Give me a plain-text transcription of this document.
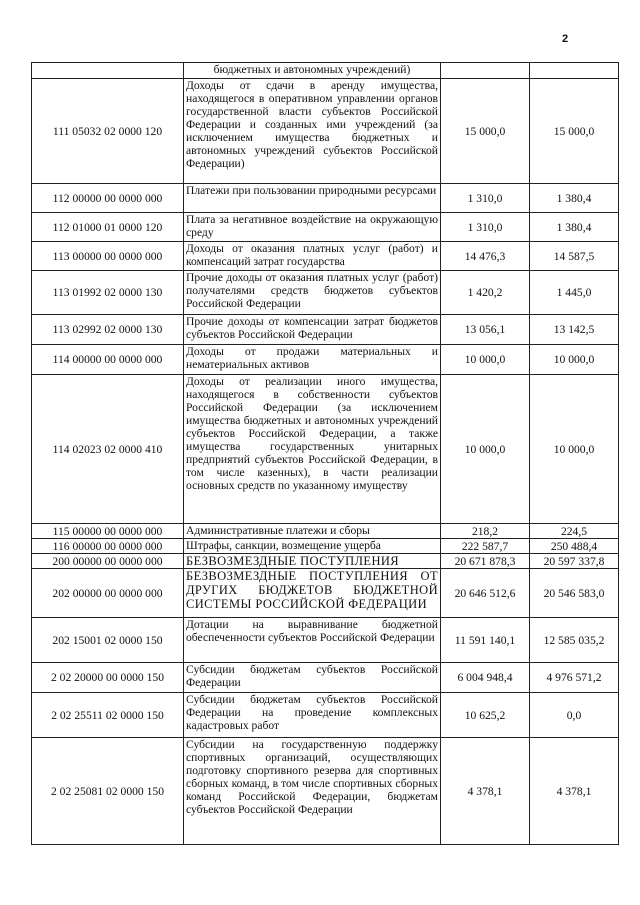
2
	бюджетных и автономных учреждений)		
111 05032 02 0000 120	Доходы от сдачи в аренду имущества, находящегося в оперативном управлении органов государственной власти субъектов Российской Федерации и созданных ими учреждений (за исключением имущества бюджетных и автономных учреждений субъектов Российской Федерации)	15 000,0	15 000,0
112 00000 00 0000 000	Платежи при пользовании природными ресурсами	1 310,0	1 380,4
112 01000 01 0000 120	Плата за негативное воздействие на окружающую среду	1 310,0	1 380,4
113 00000 00 0000 000	Доходы от оказания платных услуг (работ) и компенсаций затрат государства	14 476,3	14 587,5
113 01992 02 0000 130	Прочие доходы от оказания платных услуг (работ) получателями средств бюджетов субъектов Российской Федерации	1 420,2	1 445,0
113 02992 02 0000 130	Прочие доходы от компенсации затрат бюджетов субъектов Российской Федерации	13 056,1	13 142,5
114 00000 00 0000 000	Доходы от продажи материальных и нематериальных активов	10 000,0	10 000,0
114 02023 02 0000 410	Доходы от реализации иного имущества, находящегося в собственности субъектов Российской Федерации (за исключением имущества бюджетных и автономных учреждений субъектов Российской Федерации, а также имущества государственных унитарных предприятий субъектов Российской Федерации, в том числе казенных), в части реализации основных средств по указанному имуществу	10 000,0	10 000,0
115 00000 00 0000 000	Административные платежи и сборы	218,2	224,5
116 00000 00 0000 000	Штрафы, санкции, возмещение ущерба	222 587,7	250 488,4
200 00000 00 0000 000	БЕЗВОЗМЕЗДНЫЕ ПОСТУПЛЕНИЯ	20 671 878,3	20 597 337,8
202 00000 00 0000 000	БЕЗВОЗМЕЗДНЫЕ ПОСТУПЛЕНИЯ ОТ ДРУГИХ БЮДЖЕТОВ БЮДЖЕТНОЙ СИСТЕМЫ РОССИЙСКОЙ ФЕДЕРАЦИИ	20 646 512,6	20 546 583,0
202 15001 02 0000 150	Дотации на выравнивание бюджетной обеспеченности субъектов Российской Федерации	11 591 140,1	12 585 035,2
2 02 20000 00 0000 150	Субсидии бюджетам субъектов Российской Федерации	6 004 948,4	4 976 571,2
2 02 25511 02 0000 150	Субсидии бюджетам субъектов Российской Федерации на проведение комплексных кадастровых работ	10 625,2	0,0
2 02 25081 02 0000 150	Субсидии на государственную поддержку спортивных организаций, осуществляющих подготовку спортивного резерва для спортивных сборных команд, в том числе спортивных сборных команд Российской Федерации, бюджетам субъектов Российской Федерации	4 378,1	4 378,1
